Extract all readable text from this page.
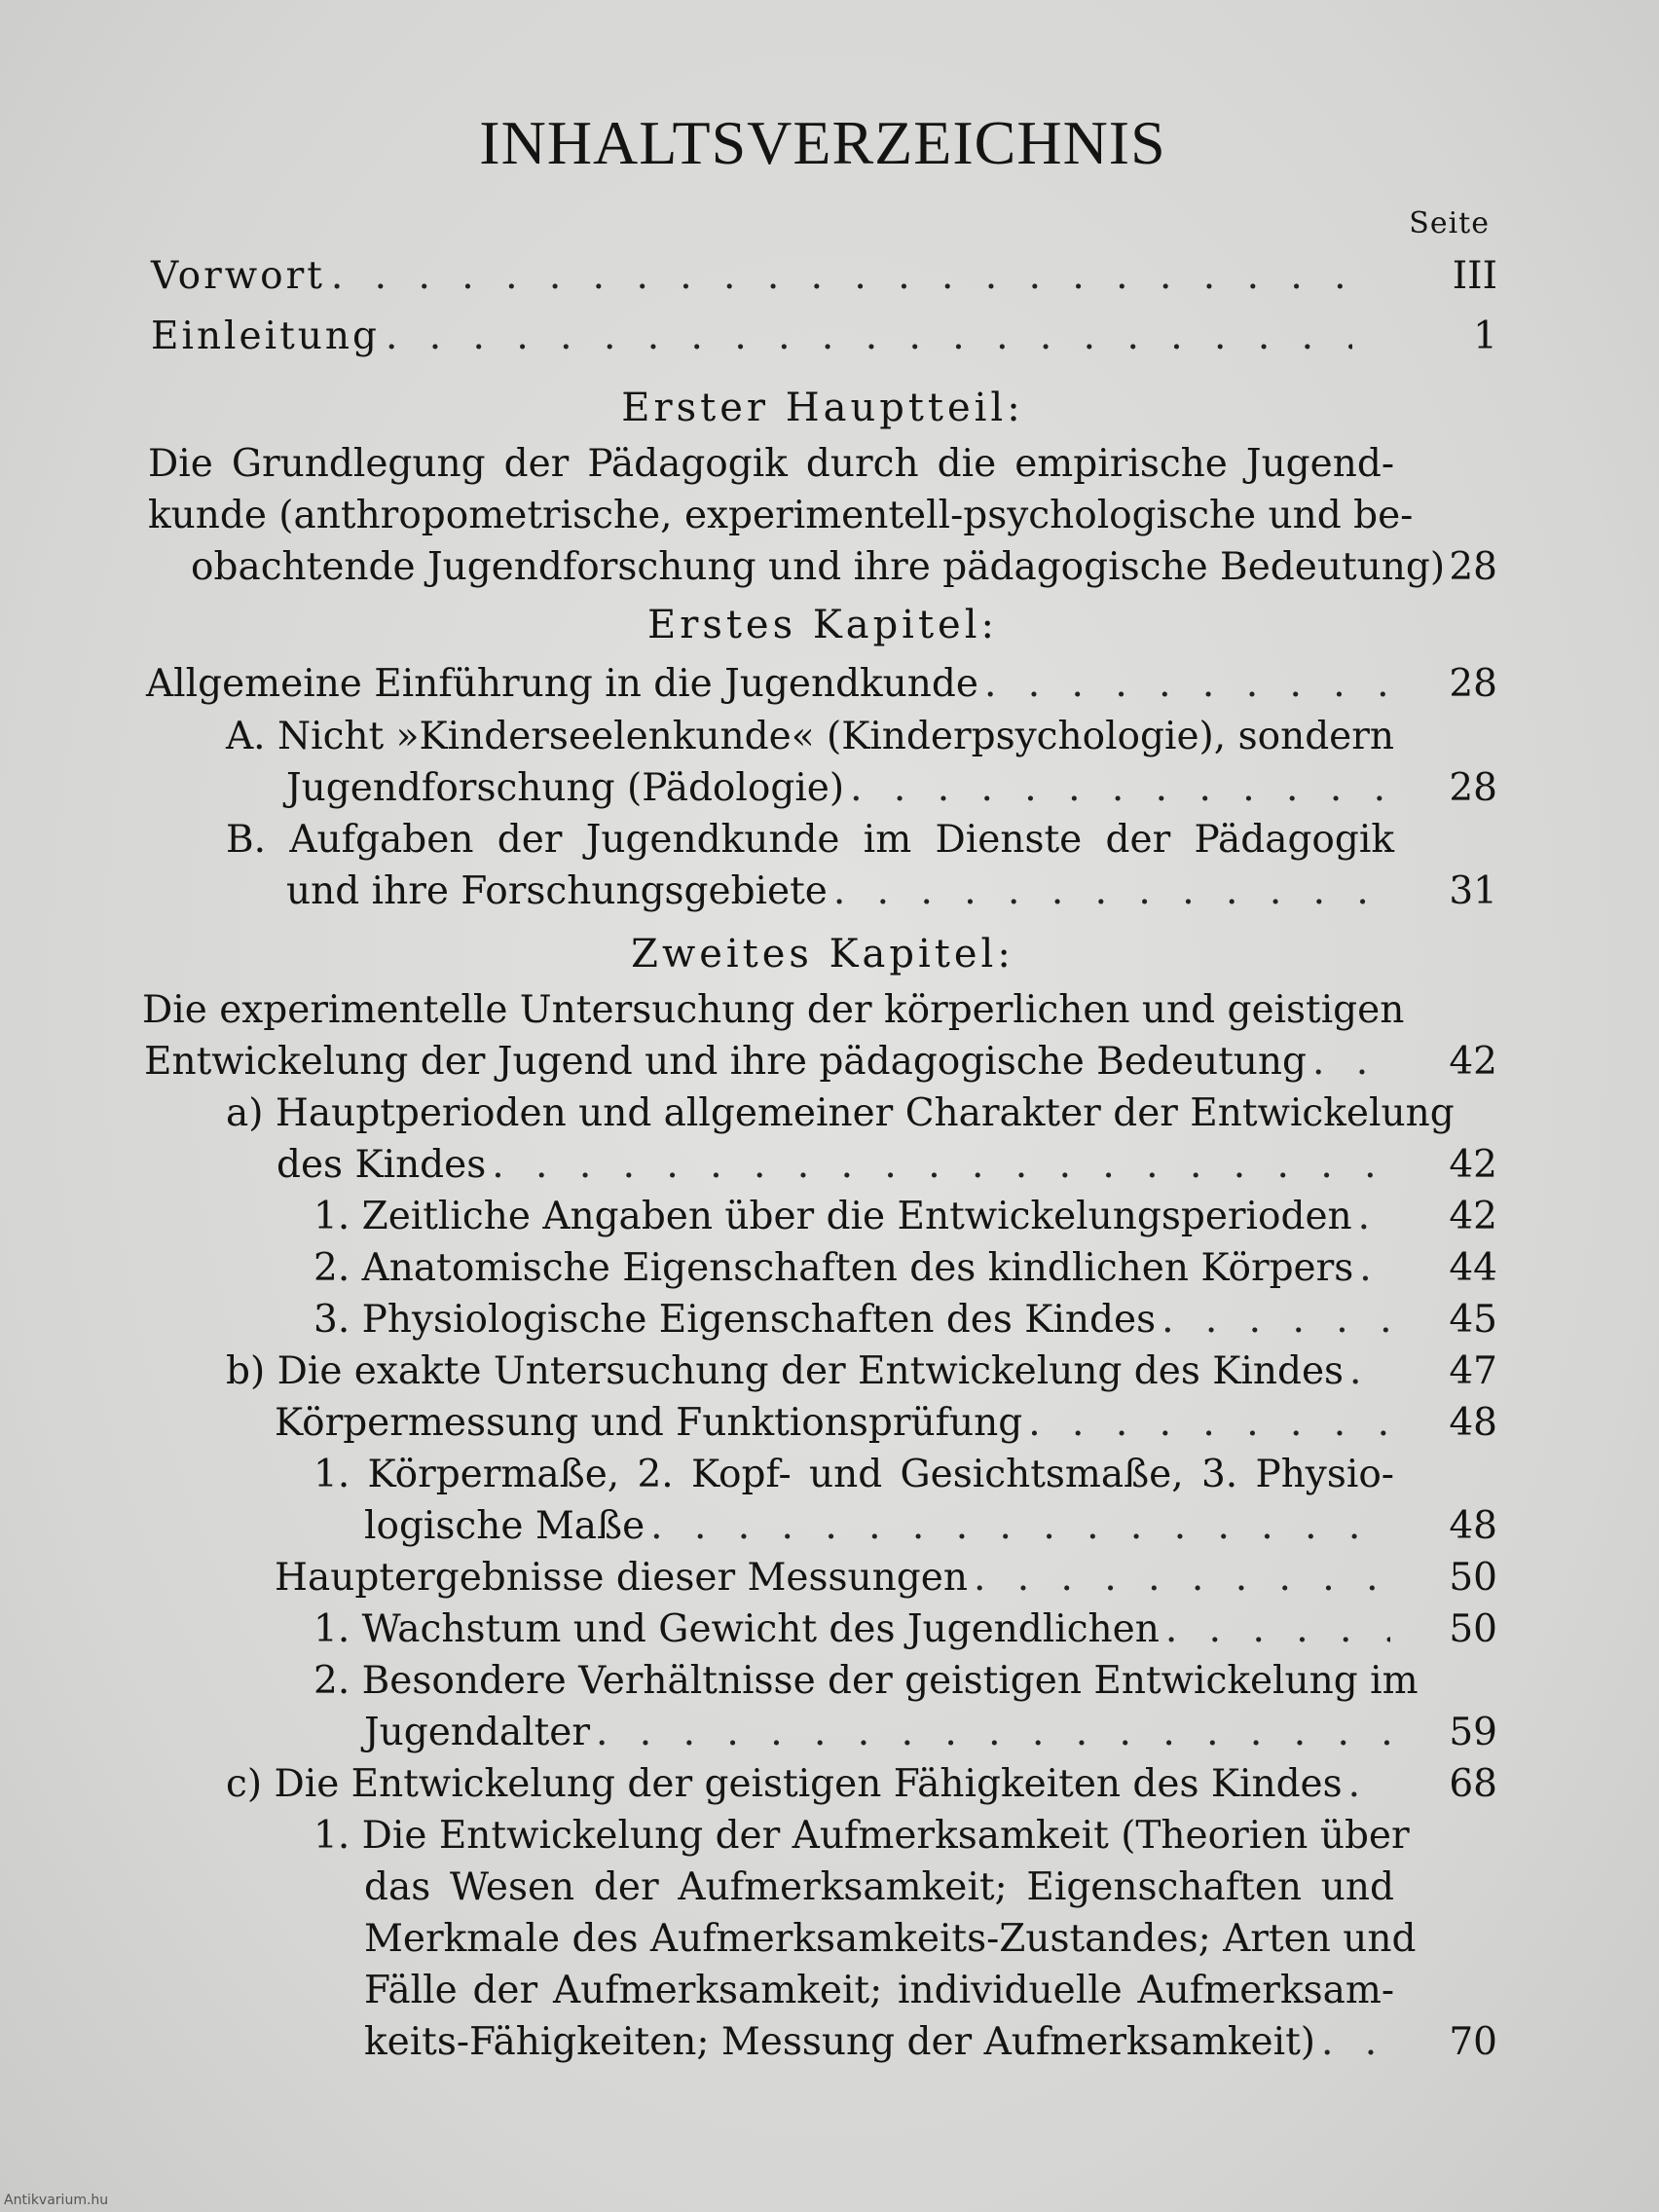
INHALTSVERZEICHNIS
Seite
Vorwort . . .	III
Einleitung . . .	1
Erster Hauptteil:
Die Grundlegung der Pädagogik durch die empirische Jugend-
kunde (anthropometrische, experimentell-psychologische und be-
obachtende Jugendforschung und ihre pädagogische Bedeutung) 28
Erstes Kapitel:
Allgemeine Einführung in die Jugendkunde . . .	28
A. Nicht »Kinderseelenkunde« (Kinderpsychologie), sondern
Jugendforschung (Pädologie) . . .	28
B. Aufgaben der Jugendkunde im Dienste der Pädagogik
und ihre Forschungsgebiete . . .	31
Zweites Kapitel:
Die experimentelle Untersuchung der körperlichen und geistigen
Entwickelung der Jugend und ihre pädagogische Bedeutung . . .	42
a) Hauptperioden und allgemeiner Charakter der Entwickelung
des Kindes . . .	42
1. Zeitliche Angaben über die Entwickelungsperioden . . .	42
2. Anatomische Eigenschaften des kindlichen Körpers . . .	44
3. Physiologische Eigenschaften des Kindes . . .	45
b) Die exakte Untersuchung der Entwickelung des Kindes . . .	47
Körpermessung und Funktionsprüfung . . .	48
1. Körpermaße, 2. Kopf- und Gesichtsmaße, 3. Physio-
logische Maße . . .	48
Hauptergebnisse dieser Messungen . . .	50
1. Wachstum und Gewicht des Jugendlichen . . .	50
2. Besondere Verhältnisse der geistigen Entwickelung im
Jugendalter . . .	59
c) Die Entwickelung der geistigen Fähigkeiten des Kindes . . .	68
1. Die Entwickelung der Aufmerksamkeit (Theorien über
das Wesen der Aufmerksamkeit; Eigenschaften und
Merkmale des Aufmerksamkeits-Zustandes; Arten und
Fälle der Aufmerksamkeit; individuelle Aufmerksam-
keits-Fähigkeiten; Messung der Aufmerksamkeit) . . .	70
Antikvarium.hu
